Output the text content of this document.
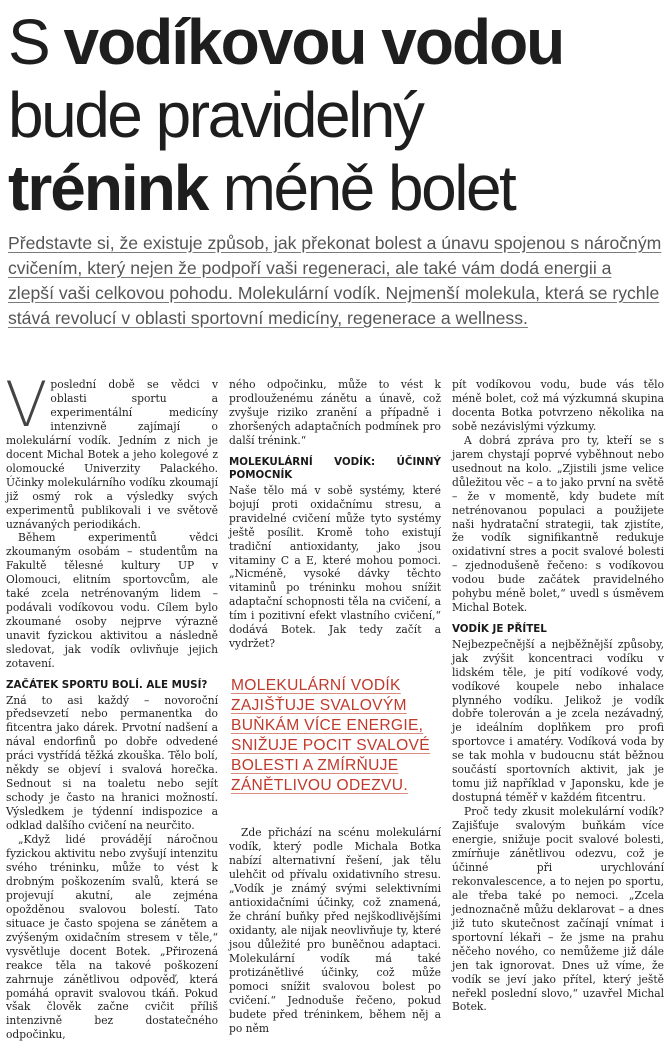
S vodíkovou vodou
bude pravidelný
trénink méně bolet

Představte si, že existuje způsob, jak překonat bolest a únavu spojenou s náročným cvičením, který nejen že podpoří vaši regeneraci, ale také vám dodá energii a zlepší vaši celkovou pohodu. Molekulární vodík. Nejmenší molekula, která se rychle stává revolucí v oblasti sportovní medicíny, regenerace a wellness.

Vposlední době se vědci v oblasti sportu a experimentální medicíny intenzivně zajímají o molekulární vodík. Jedním z nich je docent Michal Botek a jeho kolegové z olomoucké Univerzity Palackého. Účinky molekulárního vodíku zkoumají již osmý rok a výsledky svých experimentů publikovali i ve světově uznávaných periodikách.

Během experimentů vědci zkoumaným osobám – studentům na Fakultě tělesné kultury UP v Olomouci, elitním sportovcům, ale také zcela netrénovaným lidem – podávali vodíkovou vodu. Cílem bylo zkoumané osoby nejprve výrazně unavit fyzickou aktivitou a následně sledovat, jak vodík ovlivňuje jejich zotavení.

ZAČÁTEK SPORTU BOLÍ. ALE MUSÍ?

Zná to asi každý – novoroční předsevzetí nebo permanentka do fitcentra jako dárek. Prvotní nadšení a nával endorfinů po dobře odvedené práci vystřídá těžká zkouška. Tělo bolí, někdy se objeví i svalová horečka. Sednout si na toaletu nebo sejít schody je často na hranici možností. Výsledkem je týdenní indispozice a odklad dalšího cvičení na neurčito.

„Když lidé provádějí náročnou fyzickou aktivitu nebo zvyšují intenzitu svého tréninku, může to vést k drobným poškozením svalů, která se projevují akutní, ale zejména opožděnou svalovou bolestí. Tato situace je často spojena se zánětem a zvýšeným oxidačním stresem v těle,“ vysvětluje docent Botek. „Přirozená reakce těla na takové poškození zahrnuje zánětlivou odpověď, která pomáhá opravit svalovou tkáň. Pokud však člověk začne cvičit příliš intenzivně bez dostatečného odpočinku,

ného odpočinku, může to vést k prodlouženému zánětu a únavě, což zvyšuje riziko zranění a případně i zhoršených adaptačních podmínek pro další trénink.“

MOLEKULÁRNÍ VODÍK: ÚČINNÝ POMOCNÍK

Naše tělo má v sobě systémy, které bojují proti oxidačnímu stresu, a pravidelné cvičení může tyto systémy ještě posílit. Kromě toho existují tradiční antioxidanty, jako jsou vitaminy C a E, které mohou pomoci. „Nicméně, vysoké dávky těchto vitaminů po tréninku mohou snížit adaptační schopnosti těla na cvičení, a tím i pozitivní efekt vlastního cvičení,“ dodává Botek. Jak tedy začít a vydržet?

MOLEKULÁRNÍ VODÍK ZAJIŠŤUJE SVALOVÝM BUŇKÁM VÍCE ENERGIE, SNIŽUJE POCIT SVALOVÉ BOLESTI A ZMÍRŇUJE ZÁNĚTLIVOU ODEZVU.

Zde přichází na scénu molekulární vodík, který podle Michala Botka nabízí alternativní řešení, jak tělu ulehčit od přívalu oxidativního stresu. „Vodík je známý svými selektivními antioxidačními účinky, což znamená, že chrání buňky před nejškodlivějšími oxidanty, ale nijak neovlivňuje ty, které jsou důležité pro buněčnou adaptaci. Molekulární vodík má také protizánětlivé účinky, což může pomoci snížit svalovou bolest po cvičení.“ Jednoduše řečeno, pokud budete před tréninkem, během něj a po něm

pít vodíkovou vodu, bude vás tělo méně bolet, což má výzkumná skupina docenta Botka potvrzeno několika na sobě nezávislými výzkumy.

A dobrá zpráva pro ty, kteří se s jarem chystají poprvé vyběhnout nebo usednout na kolo. „Zjistili jsme velice důležitou věc – a to jako první na světě – že v momentě, kdy budete mít netrénovanou populaci a použijete naši hydratační strategii, tak zjistíte, že vodík signifikantně redukuje oxidativní stres a pocit svalové bolesti – zjednodušeně řečeno: s vodíkovou vodou bude začátek pravidelného pohybu méně bolet,“ uvedl s úsměvem Michal Botek.

VODÍK JE PŘÍTEL

Nejbezpečnější a nejběžnější způsoby, jak zvýšit koncentraci vodíku v lidském těle, je pití vodíkové vody, vodíkové koupele nebo inhalace plynného vodíku. Jelikož je vodík dobře tolerován a je zcela nezávadný, je ideálním doplňkem pro profi sportovce i amatéry. Vodíková voda by se tak mohla v budoucnu stát běžnou součástí sportovních aktivit, jak je tomu již například v Japonsku, kde je dostupná téměř v každém fitcentru.

Proč tedy zkusit molekulární vodík? Zajišťuje svalovým buňkám více energie, snižuje pocit svalové bolesti, zmírňuje zánětlivou odezvu, což je účinné při urychlování rekonvalescence, a to nejen po sportu, ale třeba také po nemoci. „Zcela jednoznačně můžu deklarovat – a dnes již tuto skutečnost začínají vnímat i sportovní lékaři – že jsme na prahu něčeho nového, co nemůžeme již dále jen tak ignorovat. Dnes už víme, že vodík se jeví jako přítel, který ještě neřekl poslední slovo,“ uzavřel Michal Botek.
